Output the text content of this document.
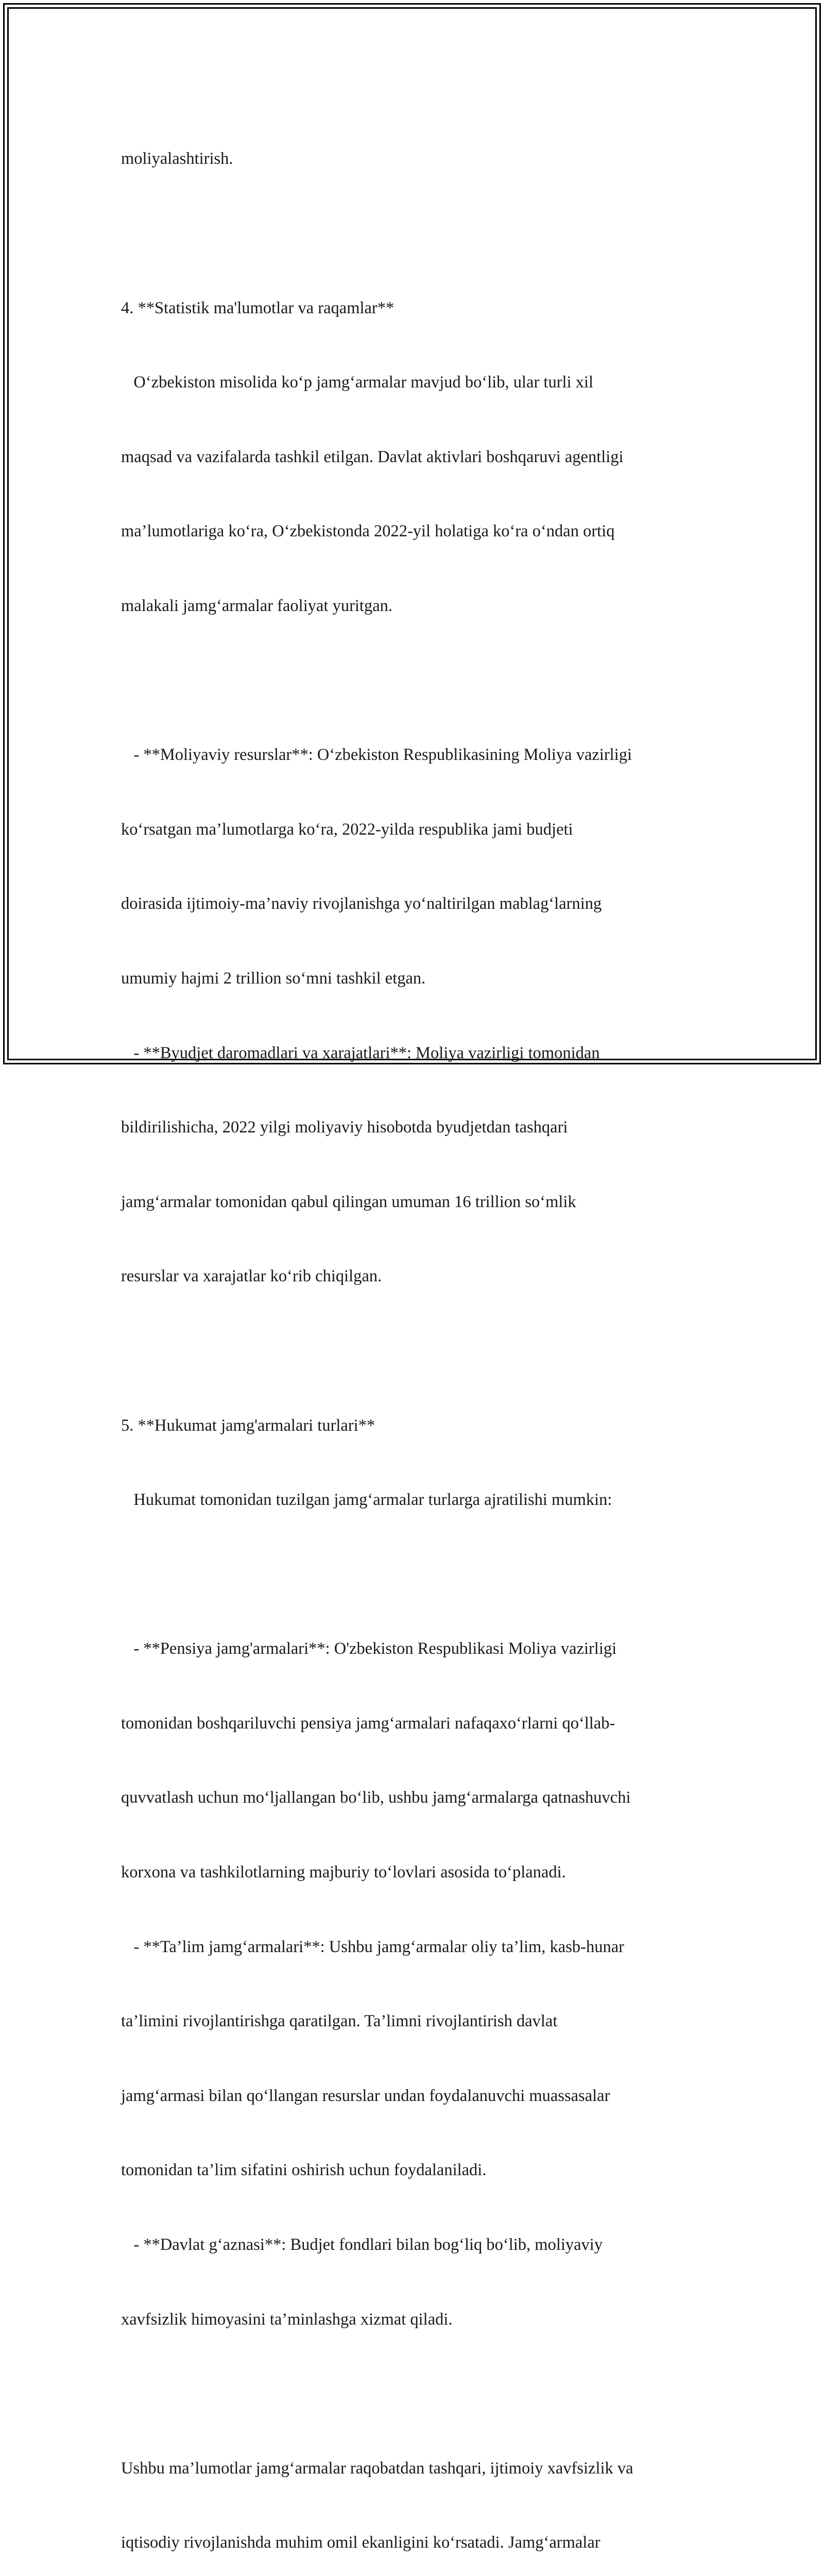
moliyalashtirish.

4. **Statistik ma'lumotlar va raqamlar**

O‘zbekiston misolida ko‘p jamg‘armalar mavjud bo‘lib, ular turli xil

maqsad va vazifalarda tashkil etilgan. Davlat aktivlari boshqaruvi agentligi

ma’lumotlariga ko‘ra, O‘zbekistonda 2022-yil holatiga ko‘ra o‘ndan ortiq

malakali jamg‘armalar faoliyat yuritgan.

- **Moliyaviy resurslar**: O‘zbekiston Respublikasining Moliya vazirligi

ko‘rsatgan ma’lumotlarga ko‘ra, 2022-yilda respublika jami budjeti

doirasida ijtimoiy-ma’naviy rivojlanishga yo‘naltirilgan mablag‘larning

umumiy hajmi 2 trillion so‘mni tashkil etgan.

- **Byudjet daromadlari va xarajatlari**: Moliya vazirligi tomonidan

bildirilishicha, 2022 yilgi moliyaviy hisobotda byudjetdan tashqari

jamg‘armalar tomonidan qabul qilingan umuman 16 trillion so‘mlik

resurslar va xarajatlar ko‘rib chiqilgan.

5. **Hukumat jamg'armalari turlari**

Hukumat tomonidan tuzilgan jamg‘armalar turlarga ajratilishi mumkin:

- **Pensiya jamg'armalari**: O'zbekiston Respublikasi Moliya vazirligi

tomonidan boshqariluvchi pensiya jamg‘armalari nafaqaxo‘rlarni qo‘llab-

quvvatlash uchun mo‘ljallangan bo‘lib, ushbu jamg‘armalarga qatnashuvchi

korxona va tashkilotlarning majburiy to‘lovlari asosida to‘planadi.

- **Ta’lim jamg‘armalari**: Ushbu jamg‘armalar oliy ta’lim, kasb-hunar

ta’limini rivojlantirishga qaratilgan. Ta’limni rivojlantirish davlat

jamg‘armasi bilan qo‘llangan resurslar undan foydalanuvchi muassasalar

tomonidan ta’lim sifatini oshirish uchun foydalaniladi.

- **Davlat g‘aznasi**: Budjet fondlari bilan bog‘liq bo‘lib, moliyaviy

xavfsizlik himoyasini ta’minlashga xizmat qiladi.

Ushbu ma’lumotlar jamg‘armalar raqobatdan tashqari, ijtimoiy xavfsizlik va

iqtisodiy rivojlanishda muhim omil ekanligini ko‘rsatadi. Jamg‘armalar
